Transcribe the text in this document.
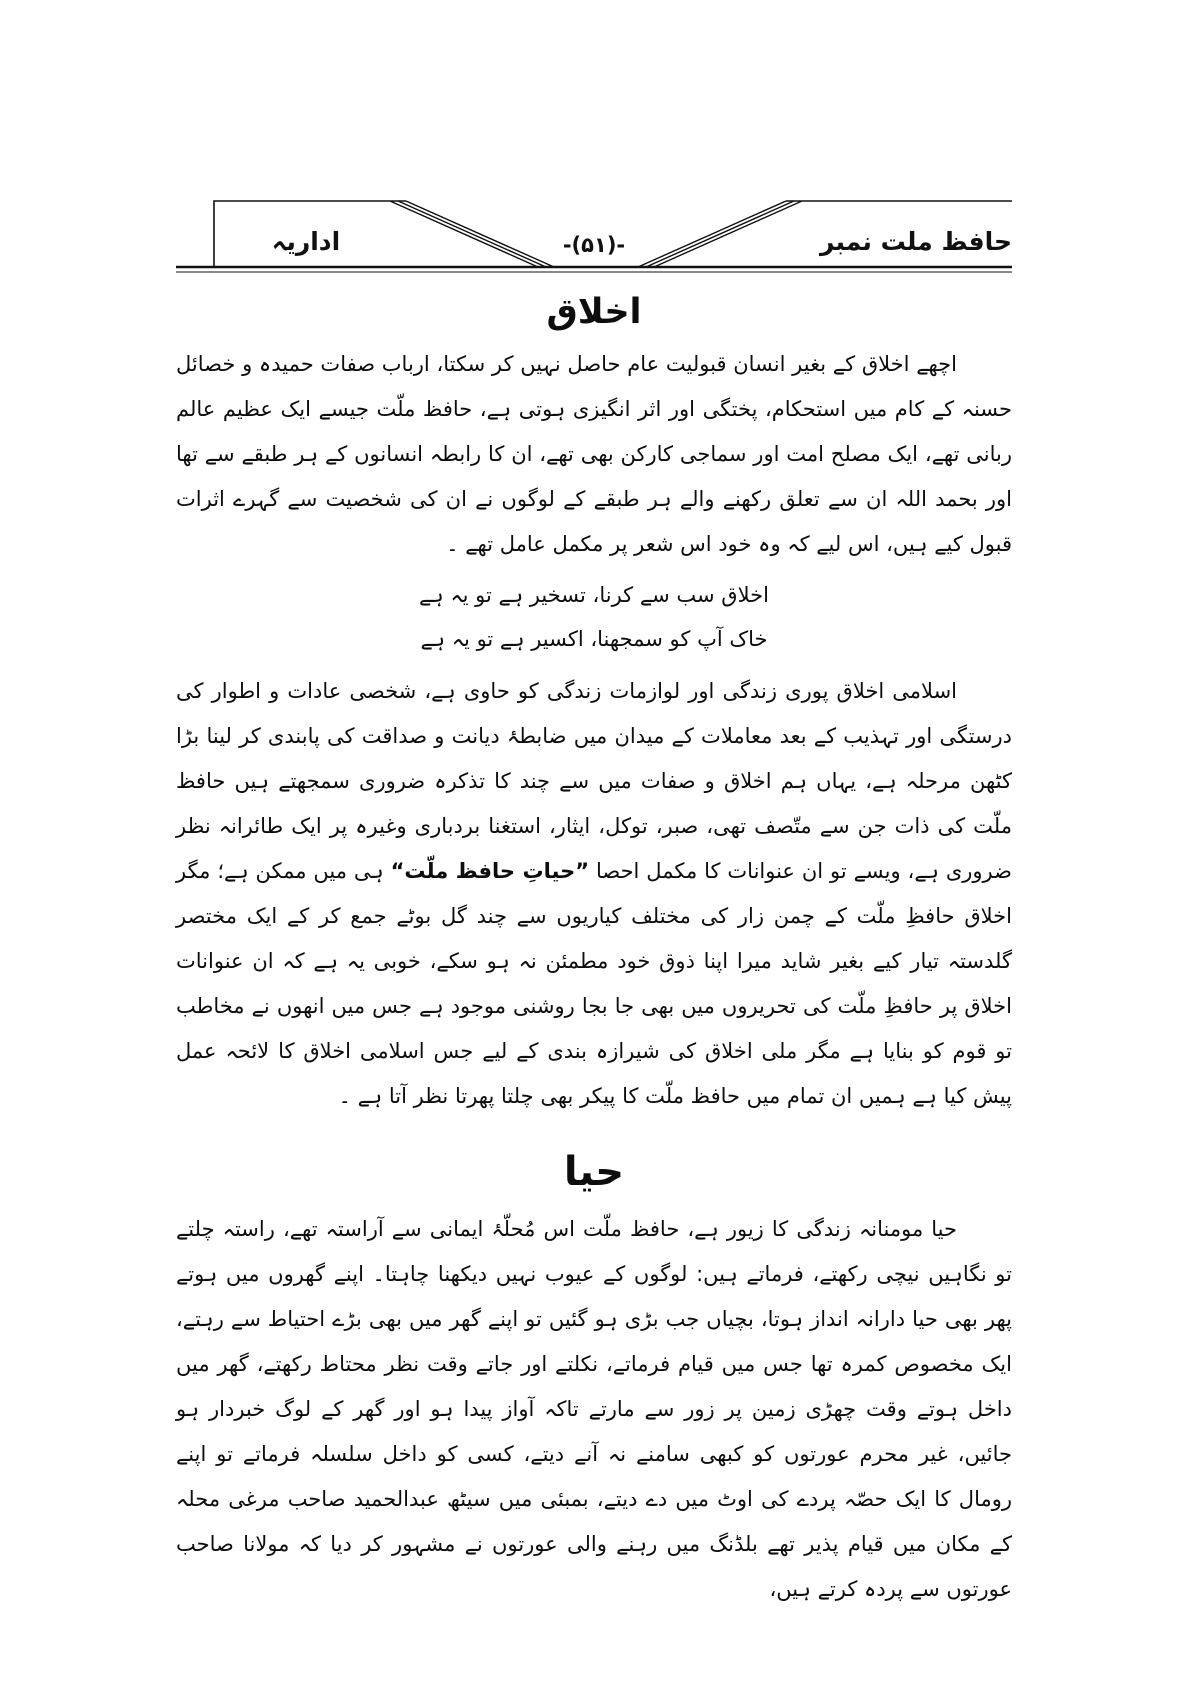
حافظ ملت نمبر
-(۵۱)-
اداریہ
اخلاق

اچھے اخلاق کے بغیر انسان قبولیت عام حاصل نہیں کر سکتا، ارباب صفات حمیدہ و خصائل حسنہ کے کام میں استحکام، پختگی اور اثر انگیزی ہوتی ہے، حافظ ملّت جیسے ایک عظیم عالم ربانی تھے، ایک مصلح امت اور سماجی کارکن بھی تھے، ان کا رابطہ انسانوں کے ہر طبقے سے تھا اور بحمد اللہ ان سے تعلق رکھنے والے ہر طبقے کے لوگوں نے ان کی شخصیت سے گہرے اثرات قبول کیے ہیں، اس لیے کہ وہ خود اس شعر پر مکمل عامل تھے ۔

اخلاق سب سے کرنا، تسخیر ہے تو یہ ہے
خاک آپ کو سمجھنا، اکسیر ہے تو یہ ہے

اسلامی اخلاق پوری زندگی اور لوازمات زندگی کو حاوی ہے، شخصی عادات و اطوار کی درستگی اور تہذیب کے بعد معاملات کے میدان میں ضابطۂ دیانت و صداقت کی پابندی کر لینا بڑا کٹھن مرحلہ ہے، یہاں ہم اخلاق و صفات میں سے چند کا تذکرہ ضروری سمجھتے ہیں حافظ ملّت کی ذات جن سے متّصف تھی، صبر، توکل، ایثار، استغنا بردباری وغیرہ پر ایک طائرانہ نظر ضروری ہے، ویسے تو ان عنوانات کا مکمل احصا ”حیاتِ حافظ ملّت“ ہی میں ممکن ہے؛ مگر اخلاق حافظِ ملّت کے چمن زار کی مختلف کیاریوں سے چند گل بوٹے جمع کر کے ایک مختصر گلدستہ تیار کیے بغیر شاید میرا اپنا ذوق خود مطمئن نہ ہو سکے، خوبی یہ ہے کہ ان عنوانات اخلاق پر حافظِ ملّت کی تحریروں میں بھی جا بجا روشنی موجود ہے جس میں انھوں نے مخاطب تو قوم کو بنایا ہے مگر ملی اخلاق کی شیرازہ بندی کے لیے جس اسلامی اخلاق کا لائحہ عمل پیش کیا ہے ہمیں ان تمام میں حافظ ملّت کا پیکر بھی چلتا پھرتا نظر آتا ہے ۔

حیا

حیا مومنانہ زندگی کا زیور ہے، حافظ ملّت اس مُحلّۂ ایمانی سے آراستہ تھے، راستہ چلتے تو نگاہیں نیچی رکھتے، فرماتے ہیں: لوگوں کے عیوب نہیں دیکھنا چاہتا۔ اپنے گھروں میں ہوتے پھر بھی حیا دارانہ انداز ہوتا، بچیاں جب بڑی ہو گئیں تو اپنے گھر میں بھی بڑے احتیاط سے رہتے، ایک مخصوص کمرہ تھا جس میں قیام فرماتے، نکلتے اور جاتے وقت نظر محتاط رکھتے، گھر میں داخل ہوتے وقت چھڑی زمین پر زور سے مارتے تاکہ آواز پیدا ہو اور گھر کے لوگ خبردار ہو جائیں، غیر محرم عورتوں کو کبھی سامنے نہ آنے دیتے، کسی کو داخل سلسلہ فرماتے تو اپنے رومال کا ایک حصّہ پردے کی اوٹ میں دے دیتے، بمبئی میں سیٹھ عبدالحمید صاحب مرغی محلہ کے مکان میں قیام پذیر تھے بلڈنگ میں رہنے والی عورتوں نے مشہور کر دیا کہ مولانا صاحب عورتوں سے پردہ کرتے ہیں،
